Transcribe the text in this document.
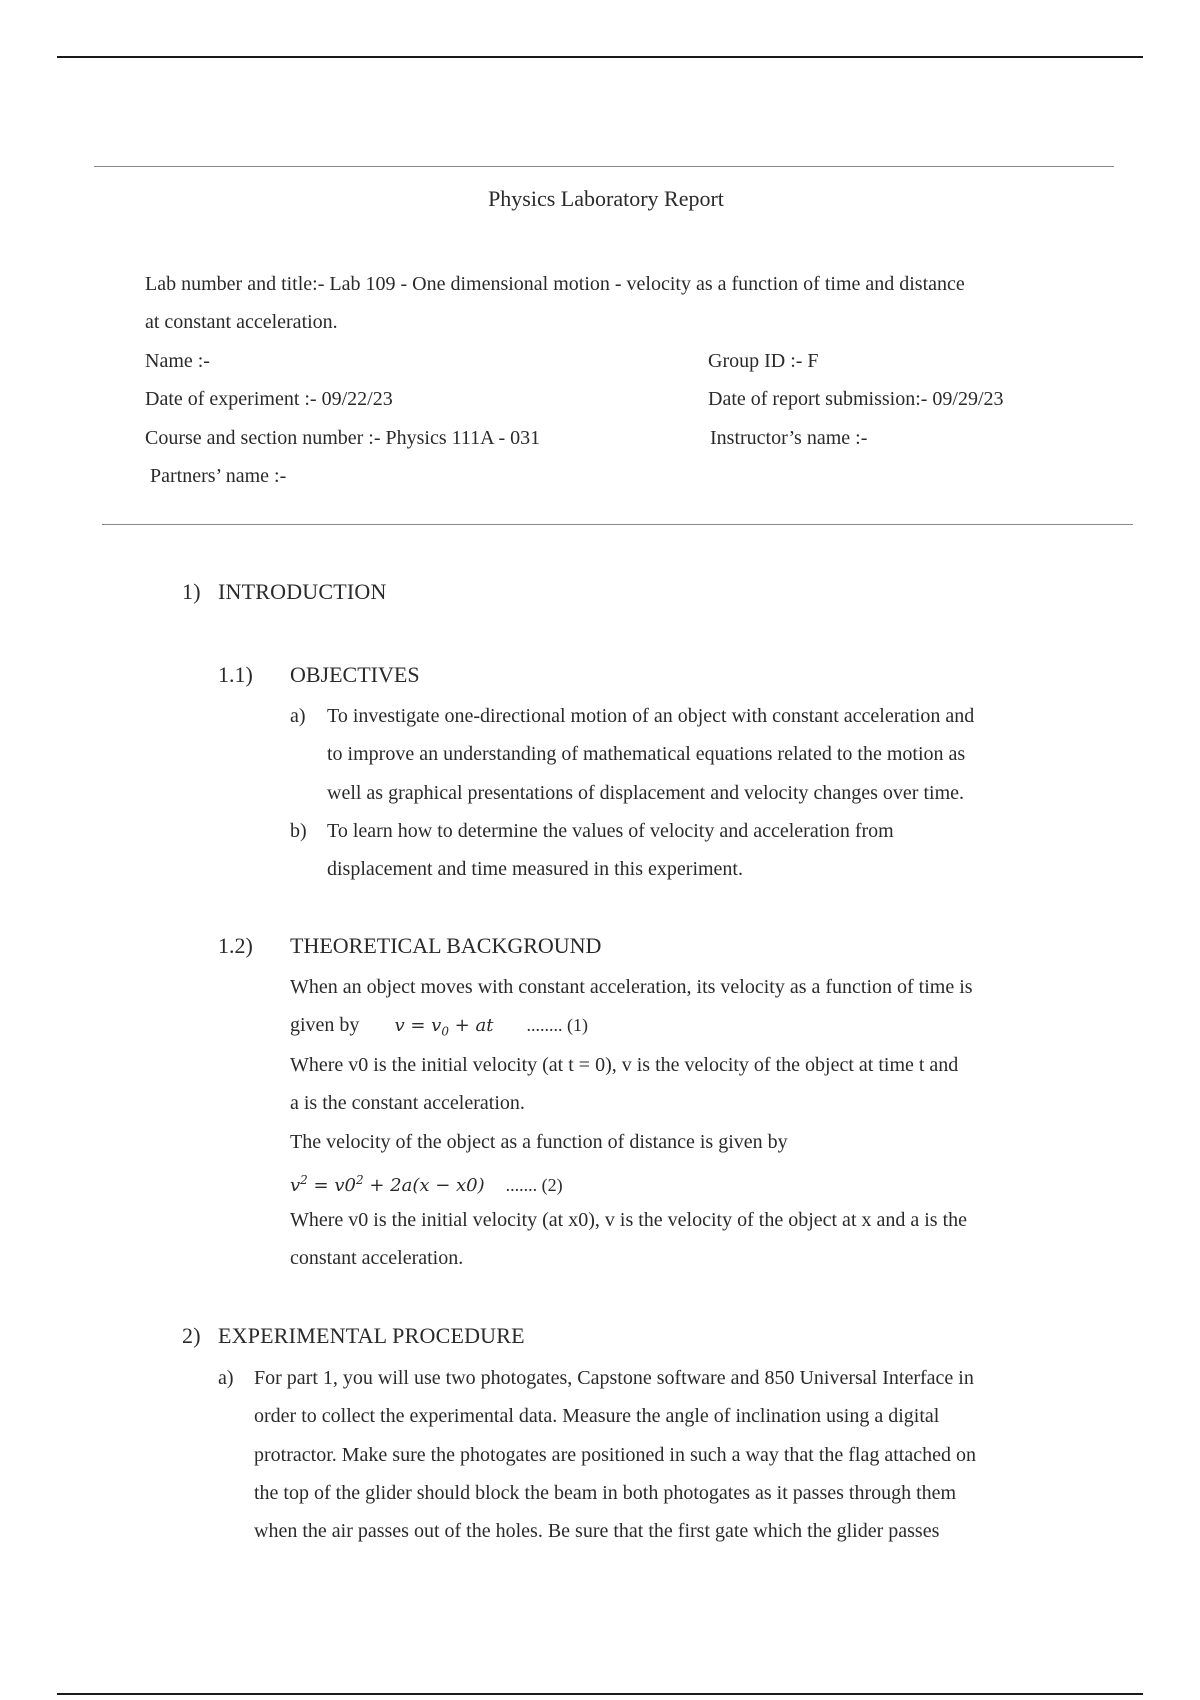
Physics Laboratory Report
Lab number and title:- Lab 109 - One dimensional motion - velocity as a function of time and distance
at constant acceleration.
Name :-	Group ID :- F
Date of experiment :- 09/22/23	Date of report submission:- 09/29/23
Course and section number :- Physics 111A - 031	Instructor’s name :-
Partners’ name :-
1) INTRODUCTION
1.1) OBJECTIVES
a) To investigate one-directional motion of an object with constant acceleration and
to improve an understanding of mathematical equations related to the motion as
well as graphical presentations of displacement and velocity changes over time.
b) To learn how to determine the values of velocity and acceleration from
displacement and time measured in this experiment.
1.2) THEORETICAL BACKGROUND
When an object moves with constant acceleration, its velocity as a function of time is
given by $v = v_0$ + at ........ (1)
Where v0 is the initial velocity (at t = 0), v is the velocity of the object at time t and
a is the constant acceleration.
The velocity of the object as a function of distance is given by
$v^2 = v0^2 + 2a(x - x0)$ ....... (2)
Where v0 is the initial velocity (at x0), v is the velocity of the object at x and a is the
constant acceleration.
2) EXPERIMENTAL PROCEDURE
a) For part 1, you will use two photogates, Capstone software and 850 Universal Interface in
order to collect the experimental data. Measure the angle of inclination using a digital
protractor. Make sure the photogates are positioned in such a way that the flag attached on
the top of the glider should block the beam in both photogates as it passes through them
when the air passes out of the holes. Be sure that the first gate which the glider passes
